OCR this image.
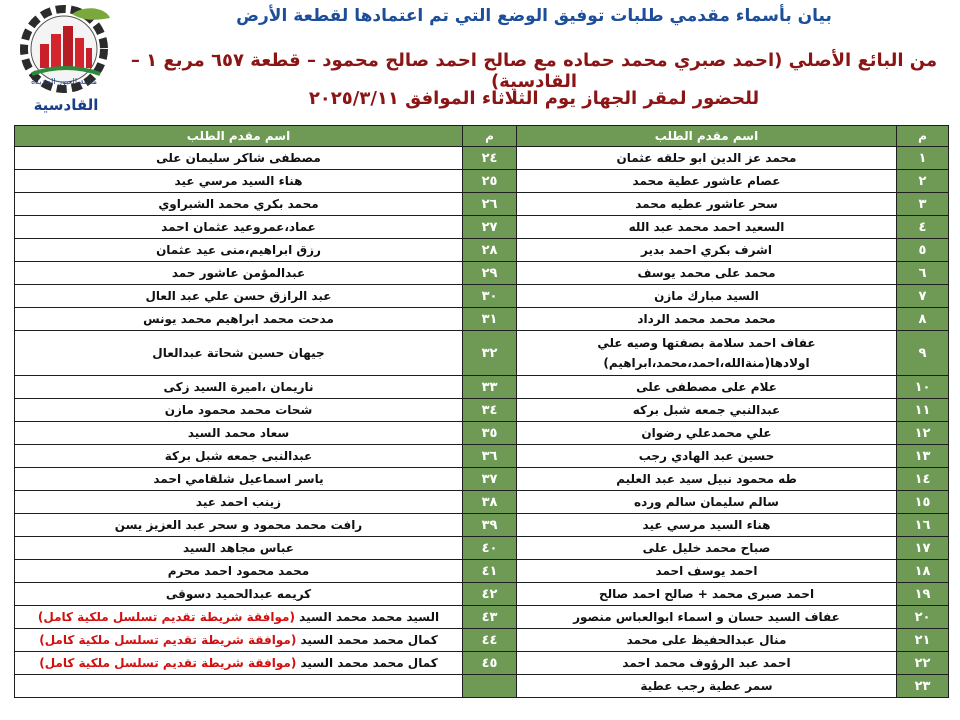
مدينة العبور الجديدة
القادسية
بيان بأسماء مقدمي طلبات توفيق الوضع التي تم اعتمادها لقطعة الأرض
من البائع الأصلي (احمد صبري محمد حماده مع صالح احمد صالح محمود – قطعة ٦٥٧ مربع ١ – القادسية)
للحضور لمقر الجهاز يوم الثلاثاء الموافق ٢٠٢٥/٣/١١
م	اسم مقدم الطلب	م	اسم مقدم الطلب
١	محمد عز الدين ابو حلقه عثمان	٢٤	مصطفى شاكر سليمان على
٢	عصام عاشور عطية محمد	٢٥	هناء السيد مرسي عيد
٣	سحر عاشور عطيه محمد	٢٦	محمد بكري محمد الشبراوي
٤	السعيد احمد محمد عبد الله	٢٧	عماد،عمروعيد عثمان احمد
٥	اشرف بكري احمد بدير	٢٨	رزق ابراهيم،منى عيد عثمان
٦	محمد على محمد يوسف	٢٩	عبدالمؤمن عاشور حمد
٧	السيد مبارك مازن	٣٠	عبد الرازق حسن علي عبد العال
٨	محمد محمد محمد الرداد	٣١	مدحت محمد ابراهيم محمد يونس
٩	عفاف احمد سلامة بصفتها وصيه علي
اولادها(منةالله،احمد،محمد،ابراهيم)	٣٢	جيهان حسين شحاتة عبدالعال
١٠	علام على مصطفى على	٣٣	ناريمان ،اميرة السيد زكى
١١	عبدالنبي جمعه شبل بركه	٣٤	شحات محمد محمود مازن
١٢	علي محمدعلي رضوان	٣٥	سعاد محمد السيد
١٣	حسين عبد الهادي رجب	٣٦	عبدالنبى جمعه شبل بركة
١٤	طه محمود نبيل سيد عبد العليم	٣٧	ياسر اسماعيل شلقامي احمد
١٥	سالم سليمان سالم ورده	٣٨	زينب احمد عيد
١٦	هناء السيد مرسي عيد	٣٩	رافت محمد محمود و سحر عبد العزيز يسن
١٧	صباح محمد خليل على	٤٠	عباس مجاهد السيد
١٨	احمد يوسف احمد	٤١	محمد محمود احمد محرم
١٩	احمد صبرى محمد + صالح احمد صالح	٤٢	كريمه عبدالحميد دسوقى
٢٠	عفاف السيد حسان و اسماء ابوالعباس منصور	٤٣	السيد محمد محمد السيد (موافقة شريطة تقديم تسلسل ملكية كامل)
٢١	منال عبدالحفيظ على محمد	٤٤	كمال محمد محمد السيد (موافقة شريطة تقديم تسلسل ملكية كامل)
٢٢	احمد عبد الرؤوف محمد احمد	٤٥	كمال محمد محمد السيد (موافقة شريطة تقديم تسلسل ملكية كامل)
٢٣	سمر عطية رجب عطية		
